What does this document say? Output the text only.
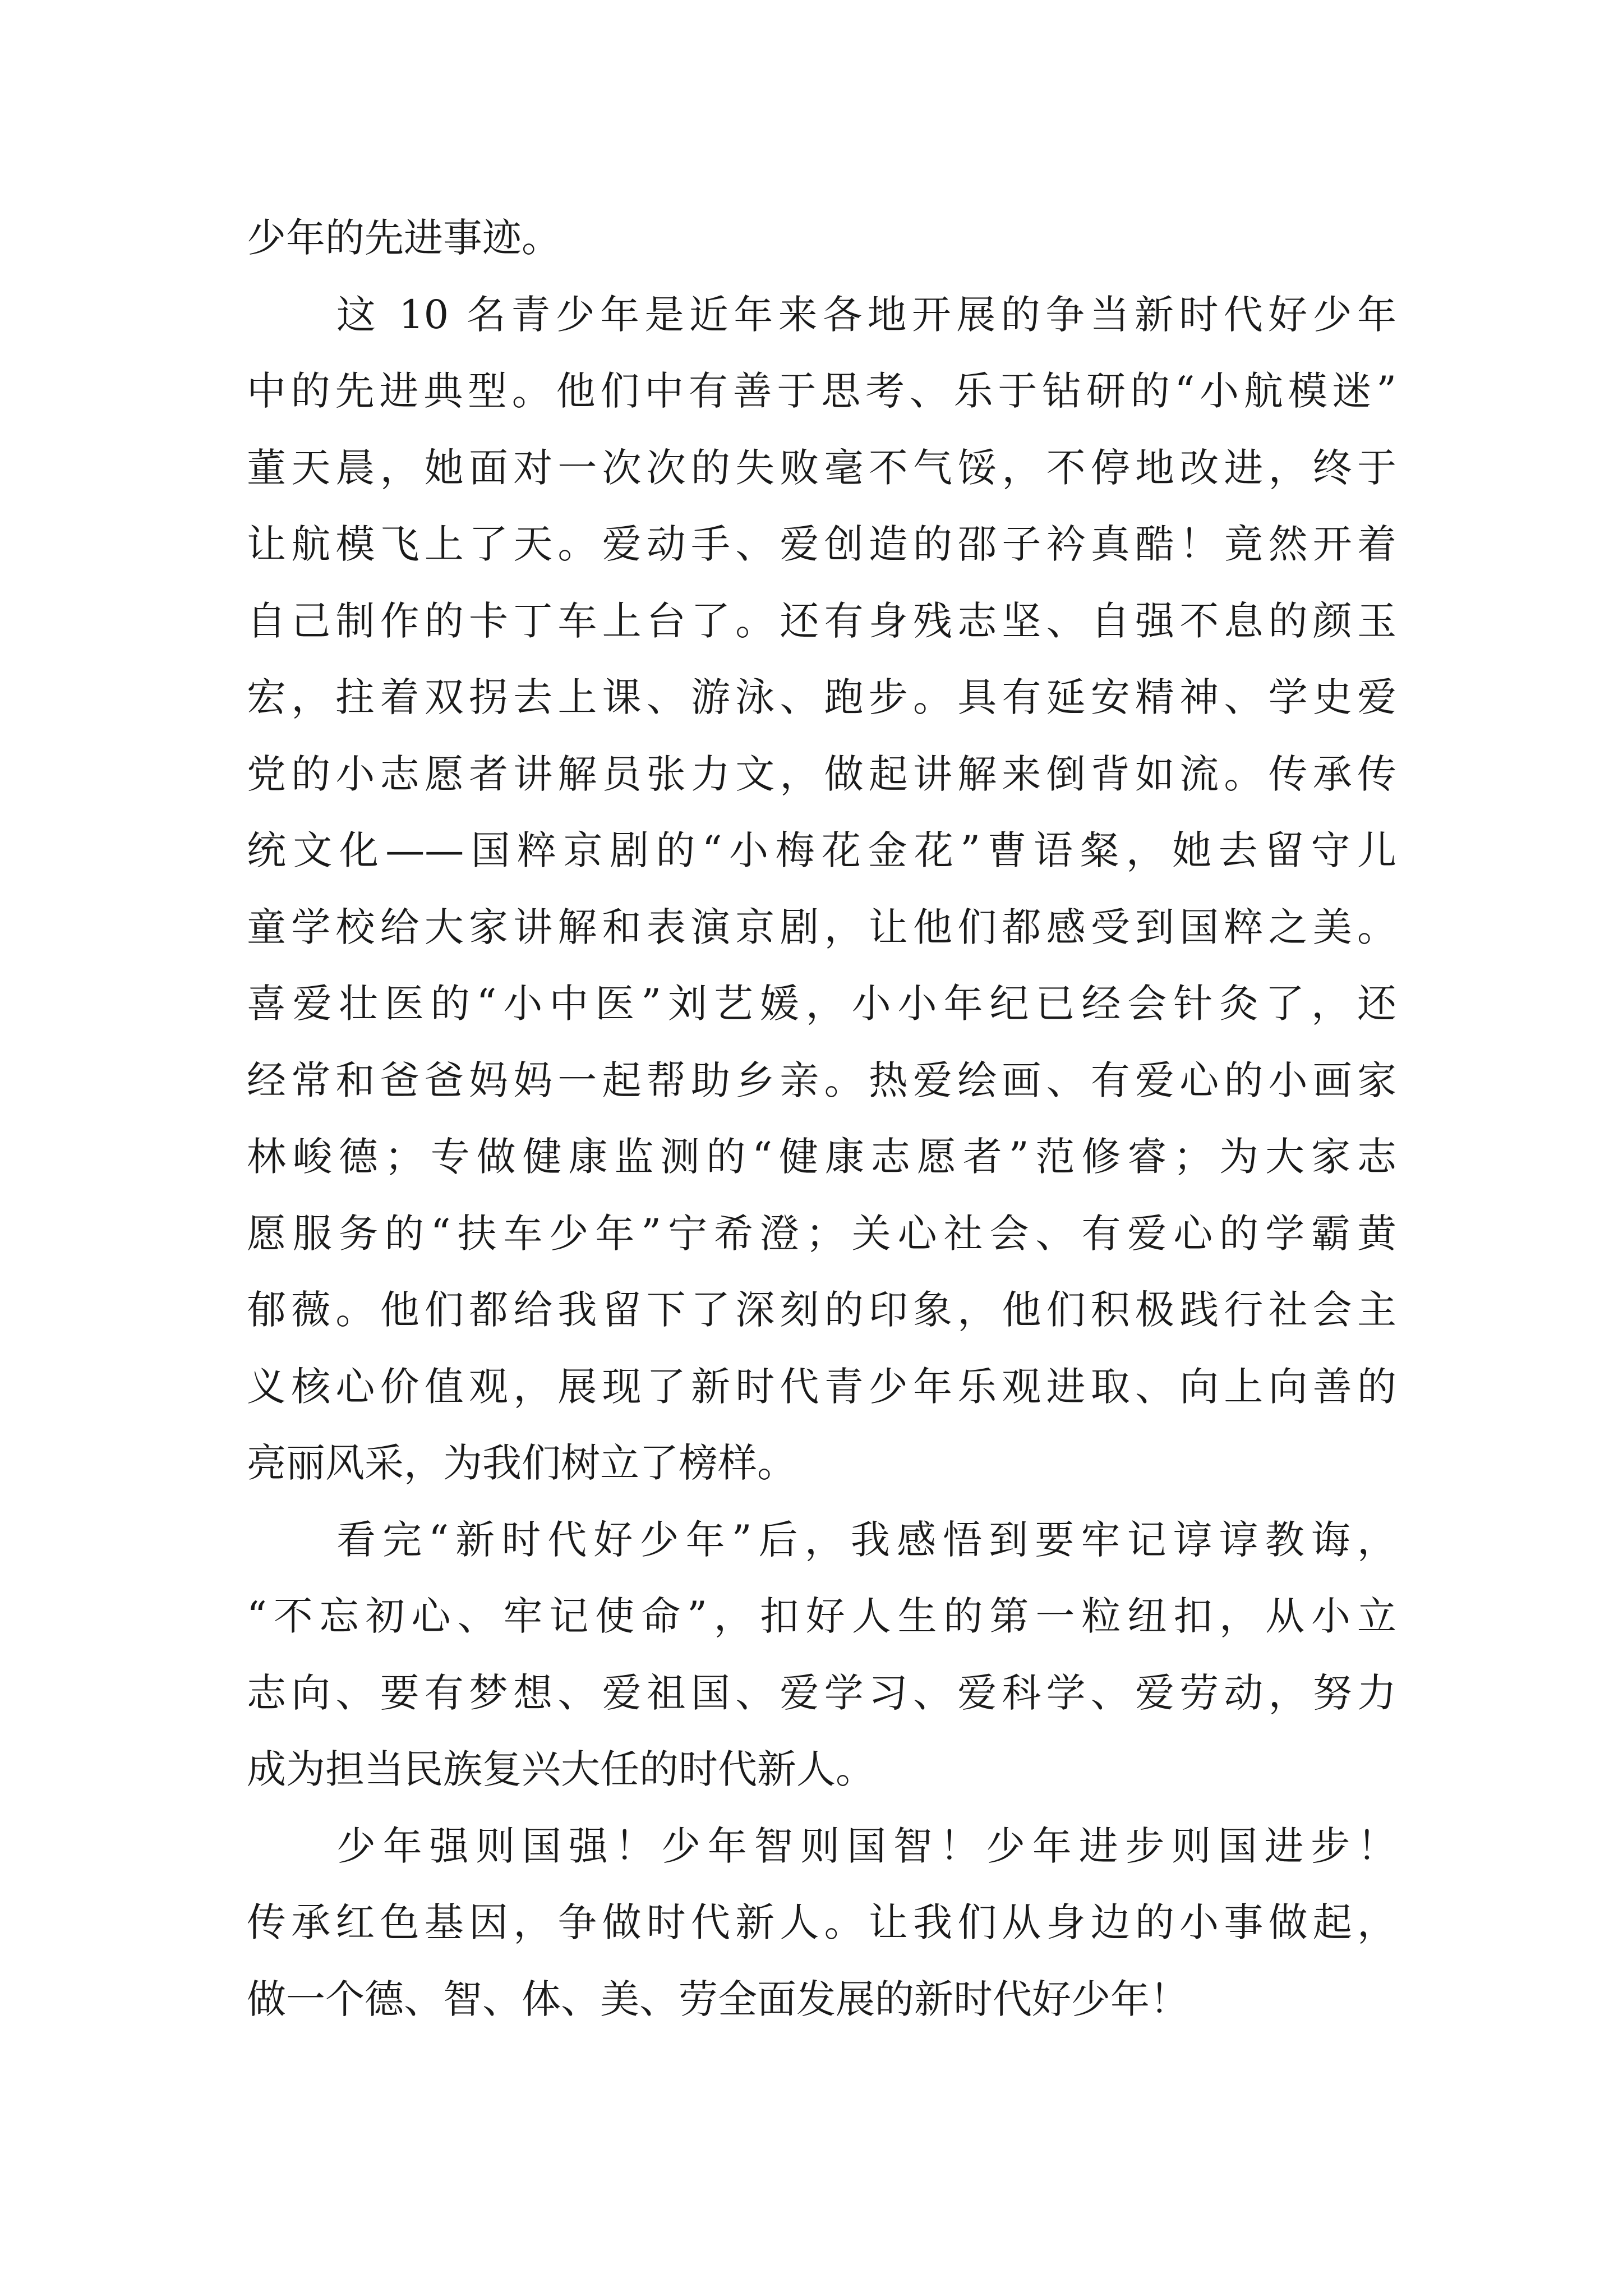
少年的先进事迹。
这 10 名青少年是近年来各地开展的争当新时代好少年
中的先进典型。他们中有善于思考、乐于钻研的“小航模迷”
董天晨，她面对一次次的失败毫不气馁，不停地改进，终于
让航模飞上了天。爱动手、爱创造的邵子衿真酷！竟然开着
自己制作的卡丁车上台了。还有身残志坚、自强不息的颜玉
宏，拄着双拐去上课、游泳、跑步。具有延安精神、学史爱
党的小志愿者讲解员张力文，做起讲解来倒背如流。传承传
统文化——国粹京剧的“小梅花金花”曹语粲，她去留守儿
童学校给大家讲解和表演京剧，让他们都感受到国粹之美。
喜爱壮医的“小中医”刘艺媛，小小年纪已经会针灸了，还
经常和爸爸妈妈一起帮助乡亲。热爱绘画、有爱心的小画家
林峻德；专做健康监测的“健康志愿者”范修睿；为大家志
愿服务的“扶车少年”宁希澄；关心社会、有爱心的学霸黄
郁薇。他们都给我留下了深刻的印象，他们积极践行社会主
义核心价值观，展现了新时代青少年乐观进取、向上向善的
亮丽风采，为我们树立了榜样。
看完“新时代好少年”后，我感悟到要牢记谆谆教诲，
“不忘初心、牢记使命”，扣好人生的第一粒纽扣，从小立
志向、要有梦想、爱祖国、爱学习、爱科学、爱劳动，努力
成为担当民族复兴大任的时代新人。
少年强则国强！少年智则国智！少年进步则国进步！
传承红色基因，争做时代新人。让我们从身边的小事做起，
做一个德、智、体、美、劳全面发展的新时代好少年！
